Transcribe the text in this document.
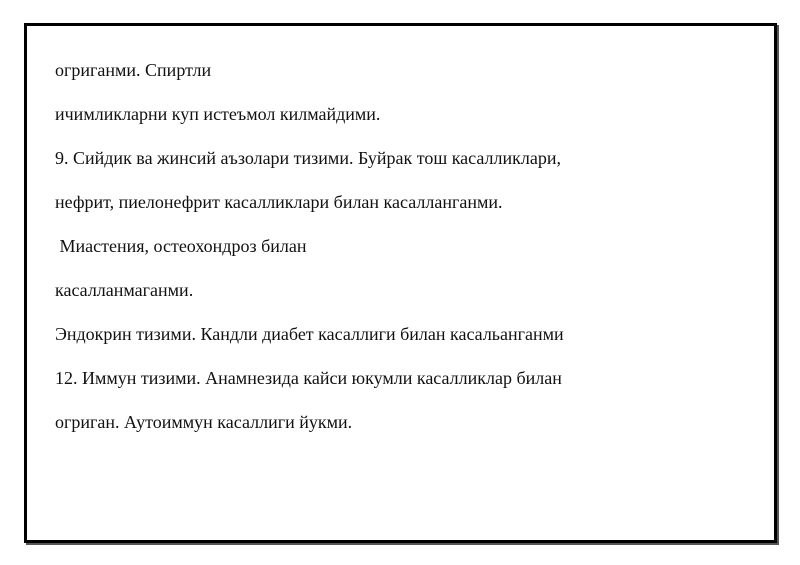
огриганми. Спиртли
ичимликларни куп истеъмол килмайдими.
9. Сийдик ва жинсий аъзолари тизими. Буйрак тош касалликлари,
нефрит, пиелонефрит касалликлари билан касалланганми.
Миастения, остеохондроз билан
касалланмаганми.
Эндокрин тизими. Кандли диабет касаллиги билан касальанганми
12. Иммун тизими. Анамнезида кайси юкумли касалликлар билан
огриган. Аутоиммун касаллиги йукми.
